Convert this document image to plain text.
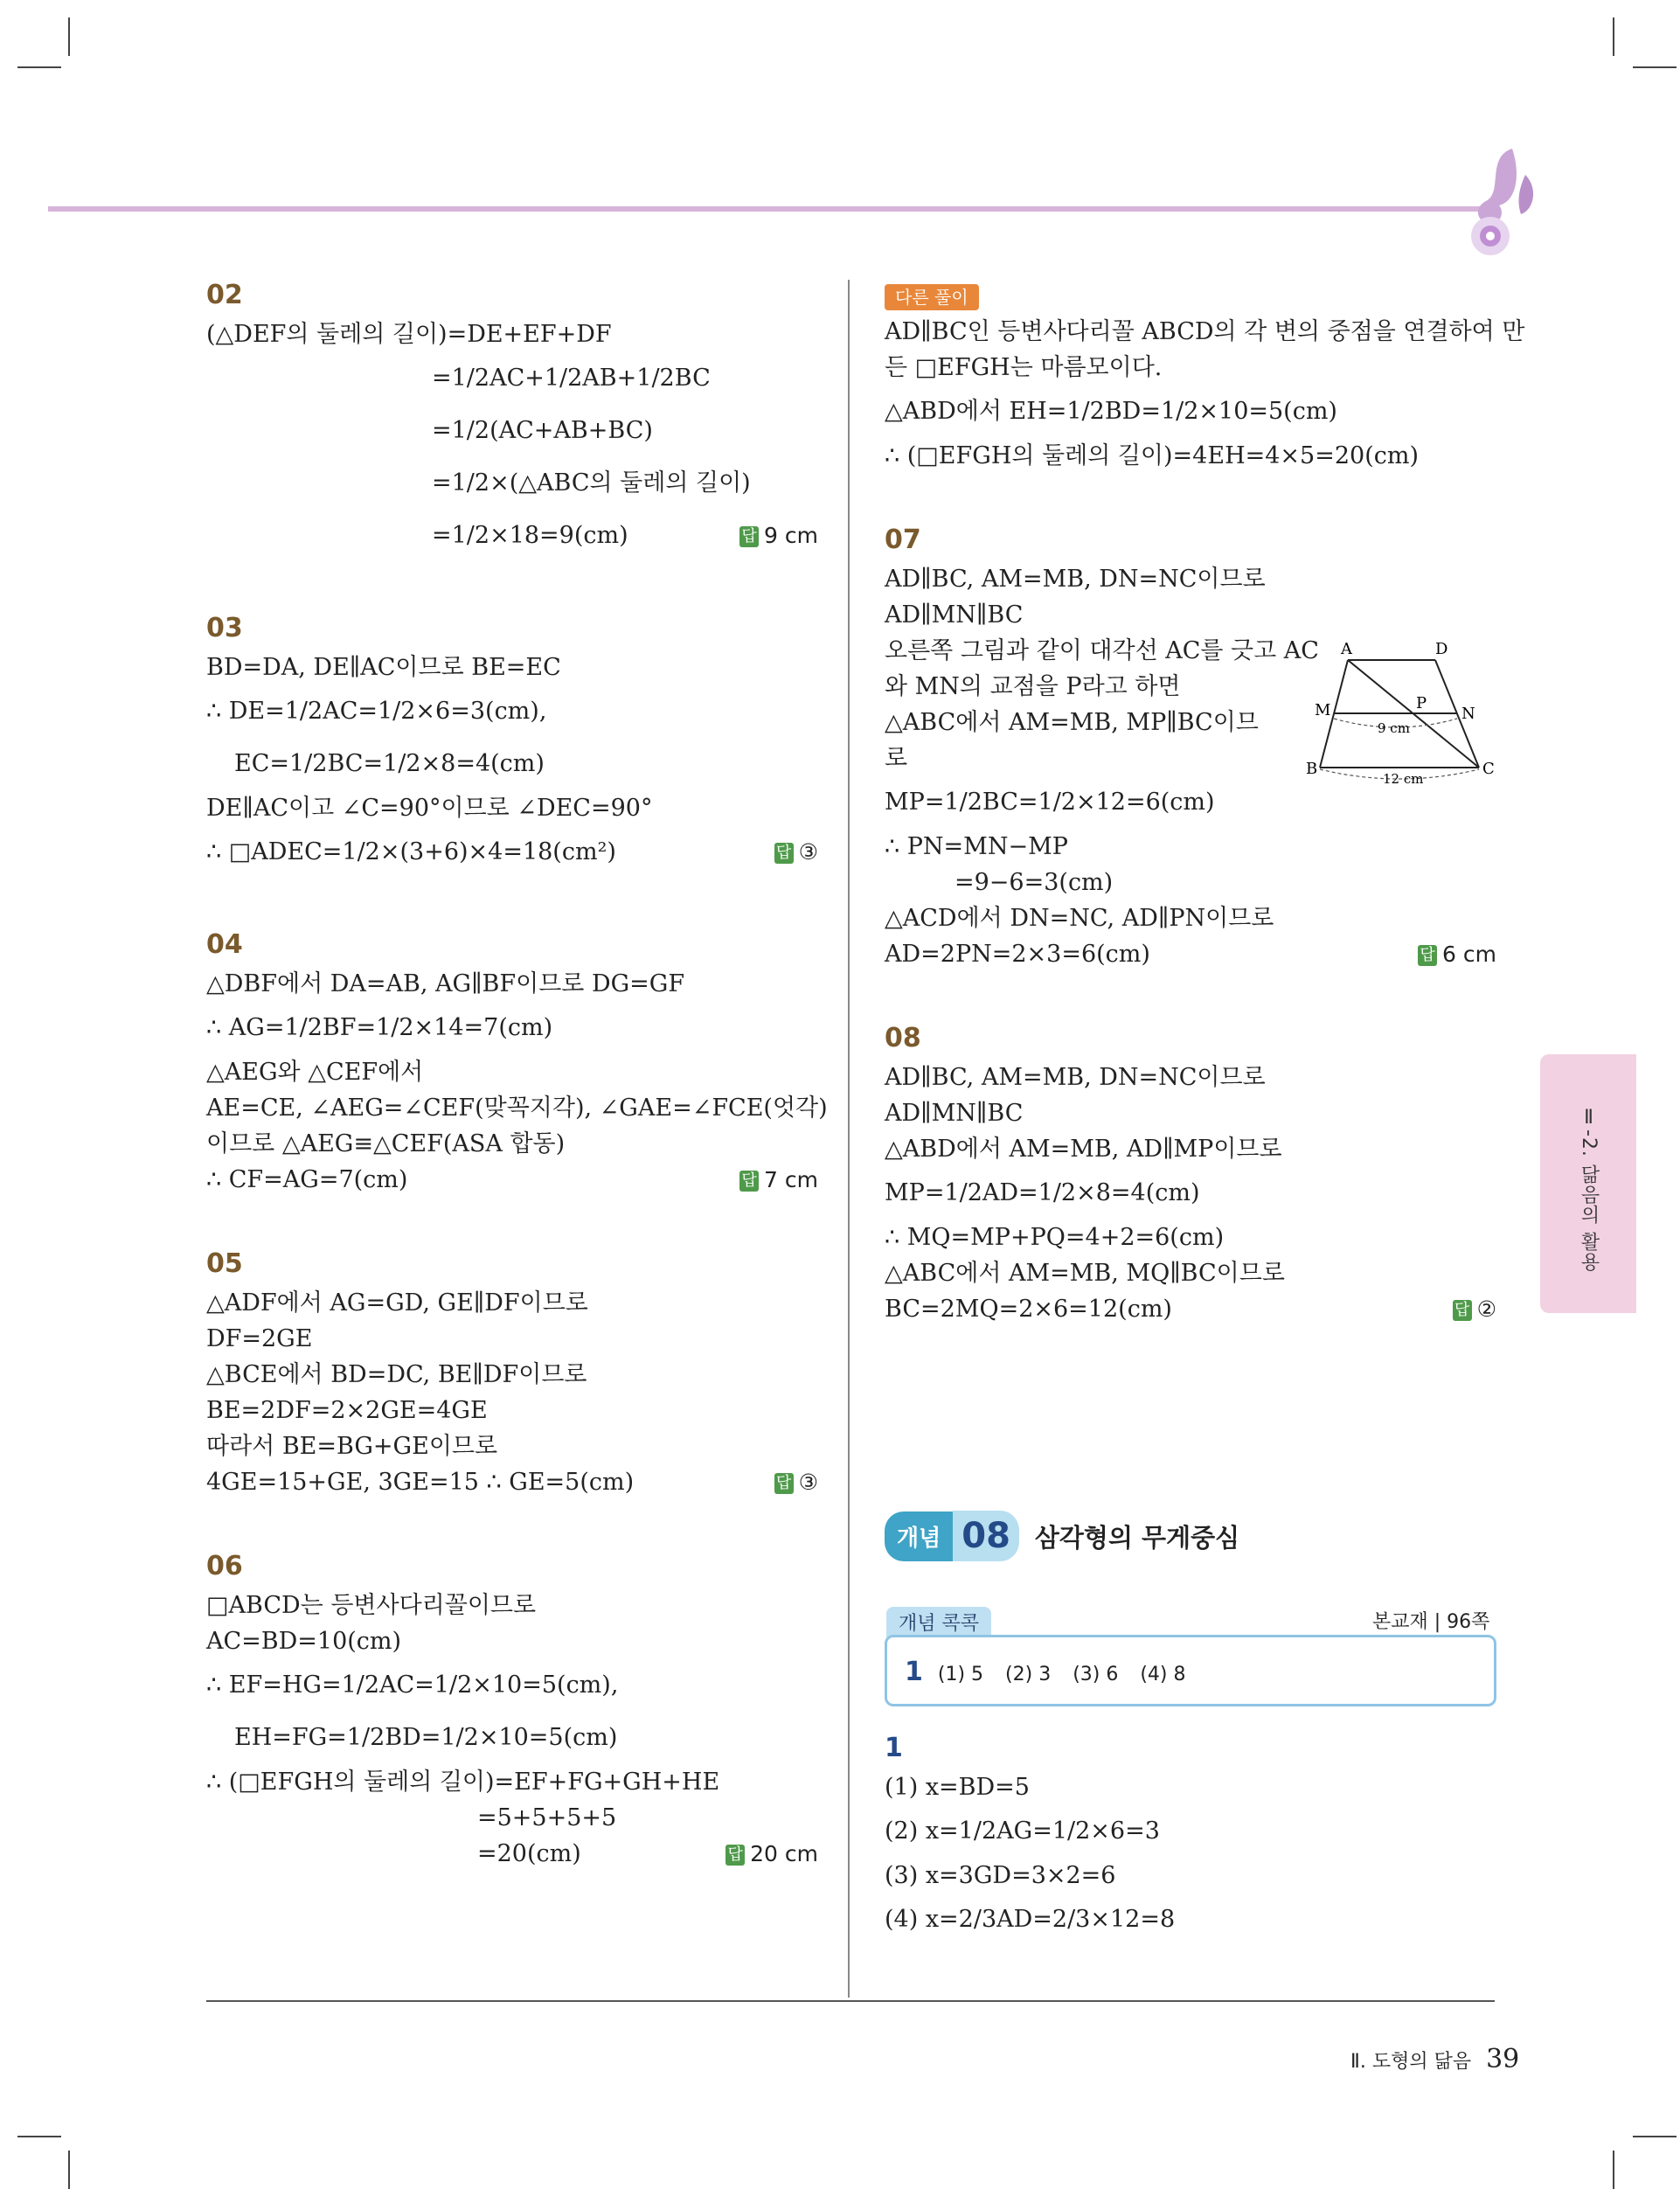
02
(△DEF의 둘레의 길이)=DE+EF+DF
=1/2AC+1/2AB+1/2BC
=1/2(AC+AB+BC)
=1/2×(△ABC의 둘레의 길이)
=1/2×18=9(cm)	답 9 cm
03
BD=DA, DE∥AC이므로 BE=EC
∴ DE=1/2AC=1/2×6=3(cm),
EC=1/2BC=1/2×8=4(cm)
DE∥AC이고 ∠C=90°이므로 ∠DEC=90°
∴ □ADEC=1/2×(3+6)×4=18(cm²)	답 ③
04
△DBF에서 DA=AB, AG∥BF이므로 DG=GF
∴ AG=1/2BF=1/2×14=7(cm)
△AEG와 △CEF에서
AE=CE, ∠AEG=∠CEF(맞꼭지각), ∠GAE=∠FCE(엇각)
이므로 △AEG≡△CEF(ASA 합동)
∴ CF=AG=7(cm)	답 7 cm
05
△ADF에서 AG=GD, GE∥DF이므로
DF=2GE
△BCE에서 BD=DC, BE∥DF이므로
BE=2DF=2×2GE=4GE
따라서 BE=BG+GE이므로
4GE=15+GE, 3GE=15 ∴ GE=5(cm)	답 ③
06
□ABCD는 등변사다리꼴이므로
AC=BD=10(cm)
∴ EF=HG=1/2AC=1/2×10=5(cm),
EH=FG=1/2BD=1/2×10=5(cm)
∴ (□EFGH의 둘레의 길이)=EF+FG+GH+HE
=5+5+5+5
=20(cm)	답 20 cm
다른 풀이
AD∥BC인 등변사다리꼴 ABCD의 각 변의 중점을 연결하여 만
든 □EFGH는 마름모이다.
△ABD에서 EH=1/2BD=1/2×10=5(cm)
∴ (□EFGH의 둘레의 길이)=4EH=4×5=20(cm)
07
AD∥BC, AM=MB, DN=NC이므로
AD∥MN∥BC
오른쪽 그림과 같이 대각선 AC를 긋고 AC
와 MN의 교점을 P라고 하면
△ABC에서 AM=MB, MP∥BC이므
로
MP=1/2BC=1/2×12=6(cm)
∴ PN=MN−MP
=9−6=3(cm)
△ACD에서 DN=NC, AD∥PN이므로
AD=2PN=2×3=6(cm)	답 6 cm
08
AD∥BC, AM=MB, DN=NC이므로
AD∥MN∥BC
△ABD에서 AM=MB, AD∥MP이므로
MP=1/2AD=1/2×8=4(cm)
∴ MQ=MP+PQ=4+2=6(cm)
△ABC에서 AM=MB, MQ∥BC이므로
BC=2MQ=2×6=12(cm)	답 ②
A	D
M	N
P
B	C
9 cm
12 cm
Ⅱ-2. 닮음의 활용
개념 08 삼각형의 무게중심
개념 콕콕	본교재 | 96쪽
1 (1) 5 (2) 3 (3) 6 (4) 8
1
(1) x=BD=5
(2) x=1/2AG=1/2×6=3
(3) x=3GD=3×2=6
(4) x=2/3AD=2/3×12=8
Ⅱ. 도형의 닮음 39
